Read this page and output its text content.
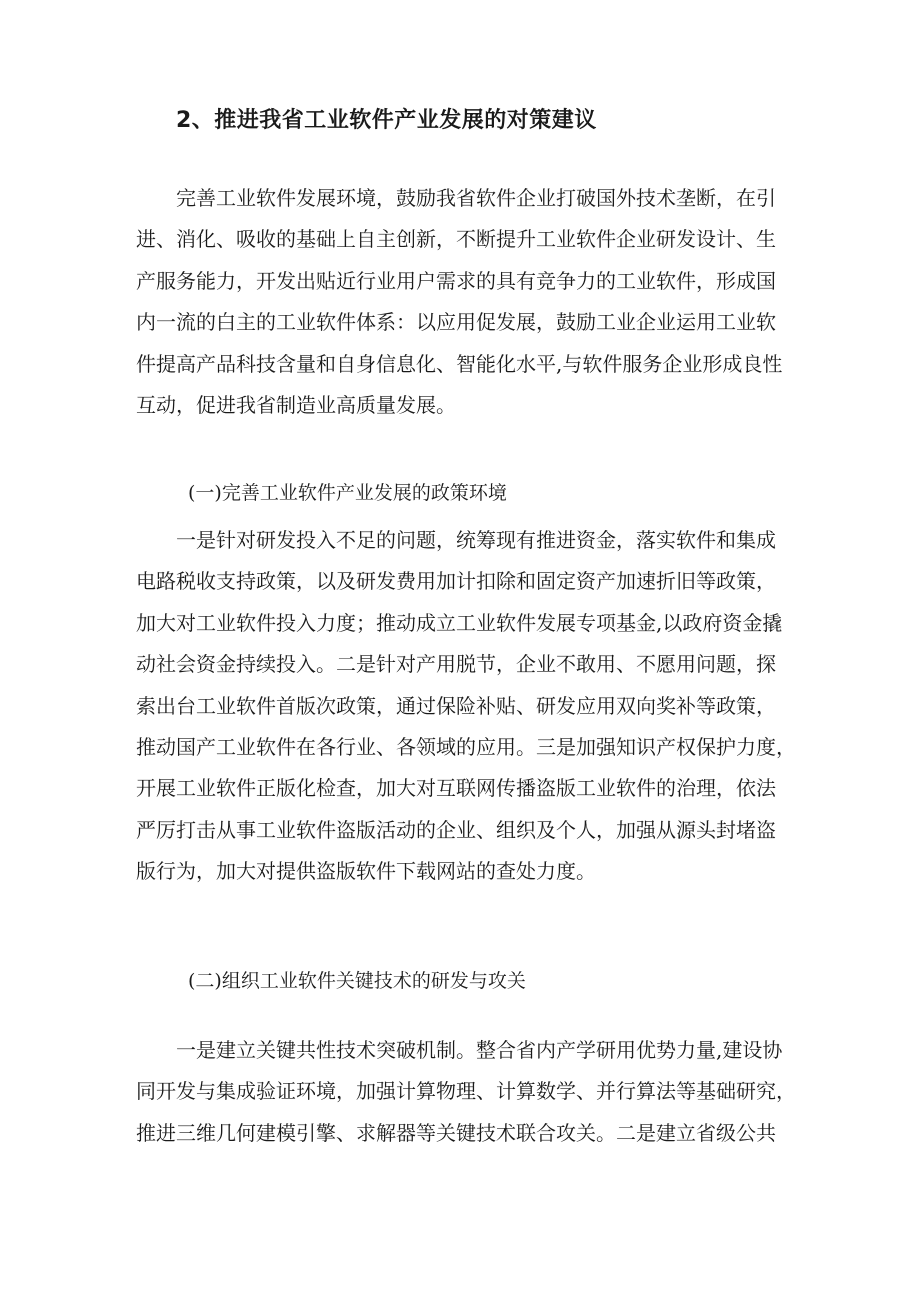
2、推进我省工业软件产业发展的对策建议
完善工业软件发展环境，鼓励我省软件企业打破国外技术垄断，在引
进、消化、吸收的基础上自主创新，不断提升工业软件企业研发设计、生
产服务能力，开发出贴近行业用户需求的具有竞争力的工业软件，形成国
内一流的白主的工业软件体系：以应用促发展，鼓励工业企业运用工业软
件提高产品科技含量和自身信息化、智能化水平,与软件服务企业形成良性
互动，促进我省制造业高质量发展。
(一)完善工业软件产业发展的政策环境
一是针对研发投入不足的问题，统筹现有推进资金，落实软件和集成
电路税收支持政策，以及研发费用加计扣除和固定资产加速折旧等政策，
加大对工业软件投入力度；推动成立工业软件发展专项基金,以政府资金撬
动社会资金持续投入。二是针对产用脱节，企业不敢用、不愿用问题，探
索出台工业软件首版次政策，通过保险补贴、研发应用双向奖补等政策，
推动国产工业软件在各行业、各领域的应用。三是加强知识产权保护力度，
开展工业软件正版化检查，加大对互联网传播盗版工业软件的治理，依法
严厉打击从事工业软件盗版活动的企业、组织及个人，加强从源头封堵盗
版行为，加大对提供盗版软件下载网站的查处力度。
(二)组织工业软件关键技术的研发与攻关
一是建立关键共性技术突破机制。整合省内产学研用优势力量,建设协
同开发与集成验证环境，加强计算物理、计算数学、并行算法等基础研究，
推进三维几何建模引擎、求解器等关键技术联合攻关。二是建立省级公共
